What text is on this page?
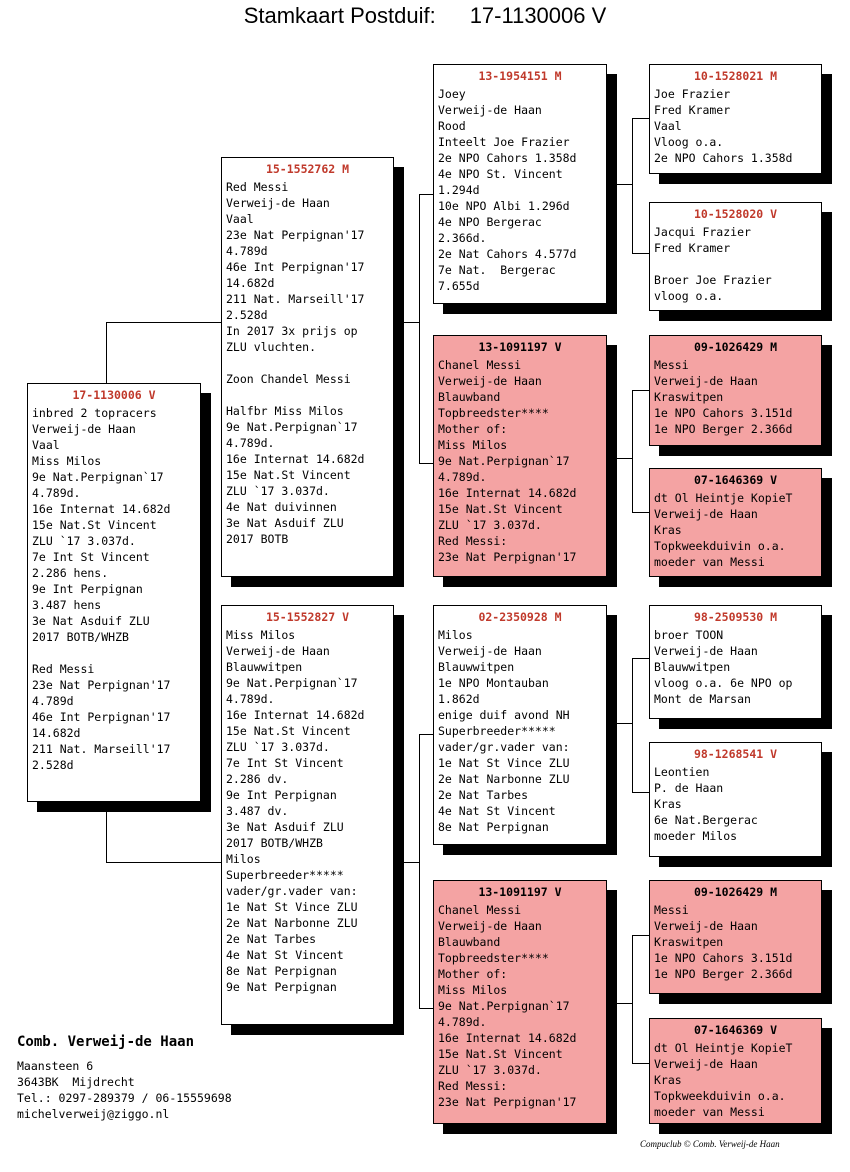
Stamkaart Postduif: 17-1130006 V
17-1130006 V
inbred 2 topracers
Verweij-de Haan
Vaal
Miss Milos
9e Nat.Perpignan`17
4.789d.
16e Internat 14.682d
15e Nat.St Vincent
ZLU `17 3.037d.
7e Int St Vincent
2.286 hens.
9e Int Perpignan
3.487 hens
3e Nat Asduif ZLU
2017 BOTB/WHZB

Red Messi
23e Nat Perpignan'17
4.789d
46e Int Perpignan'17
14.682d
211 Nat. Marseill'17
2.528d
15-1552762 M
Red Messi
Verweij-de Haan
Vaal
23e Nat Perpignan'17
4.789d
46e Int Perpignan'17
14.682d
211 Nat. Marseill'17
2.528d
In 2017 3x prijs op
ZLU vluchten.

Zoon Chandel Messi

Halfbr Miss Milos
9e Nat.Perpignan`17
4.789d.
16e Internat 14.682d
15e Nat.St Vincent
ZLU `17 3.037d.
4e Nat duivinnen
3e Nat Asduif ZLU
2017 BOTB
15-1552827 V
Miss Milos
Verweij-de Haan
Blauwwitpen
9e Nat.Perpignan`17
4.789d.
16e Internat 14.682d
15e Nat.St Vincent
ZLU `17 3.037d.
7e Int St Vincent
2.286 dv.
9e Int Perpignan
3.487 dv.
3e Nat Asduif ZLU
2017 BOTB/WHZB
Milos
Superbreeder*****
vader/gr.vader van:
1e Nat St Vince ZLU
2e Nat Narbonne ZLU
2e Nat Tarbes
4e Nat St Vincent
8e Nat Perpignan
9e Nat Perpignan
13-1954151 M
Joey
Verweij-de Haan
Rood
Inteelt Joe Frazier
2e NPO Cahors 1.358d
4e NPO St. Vincent
1.294d
10e NPO Albi 1.296d
4e NPO Bergerac
2.366d.
2e Nat Cahors 4.577d
7e Nat.  Bergerac
7.655d
13-1091197 V
Chanel Messi
Verweij-de Haan
Blauwband
Topbreedster****
Mother of:
Miss Milos
9e Nat.Perpignan`17
4.789d.
16e Internat 14.682d
15e Nat.St Vincent
ZLU `17 3.037d.
Red Messi:
23e Nat Perpignan'17
02-2350928 M
Milos
Verweij-de Haan
Blauwwitpen
1e NPO Montauban
1.862d
enige duif avond NH
Superbreeder*****
vader/gr.vader van:
1e Nat St Vince ZLU
2e Nat Narbonne ZLU
2e Nat Tarbes
4e Nat St Vincent
8e Nat Perpignan
13-1091197 V
Chanel Messi
Verweij-de Haan
Blauwband
Topbreedster****
Mother of:
Miss Milos
9e Nat.Perpignan`17
4.789d.
16e Internat 14.682d
15e Nat.St Vincent
ZLU `17 3.037d.
Red Messi:
23e Nat Perpignan'17
10-1528021 M
Joe Frazier
Fred Kramer
Vaal
Vloog o.a.
2e NPO Cahors 1.358d
10-1528020 V
Jacqui Frazier
Fred Kramer

Broer Joe Frazier
vloog o.a.
09-1026429 M
Messi
Verweij-de Haan
Kraswitpen
1e NPO Cahors 3.151d
1e NPO Berger 2.366d
07-1646369 V
dt Ol Heintje KopieT
Verweij-de Haan
Kras
Topkweekduivin o.a.
moeder van Messi
98-2509530 M
broer TOON
Verweij-de Haan
Blauwwitpen
vloog o.a. 6e NPO op
Mont de Marsan
98-1268541 V
Leontien
P. de Haan
Kras
6e Nat.Bergerac
moeder Milos
09-1026429 M
Messi
Verweij-de Haan
Kraswitpen
1e NPO Cahors 3.151d
1e NPO Berger 2.366d
07-1646369 V
dt Ol Heintje KopieT
Verweij-de Haan
Kras
Topkweekduivin o.a.
moeder van Messi
Comb. Verweij-de Haan
Maansteen 6
3643BK  Mijdrecht
Tel.: 0297-289379 / 06-15559698
michelverweij@ziggo.nl
Compuclub © Comb. Verweij-de Haan
